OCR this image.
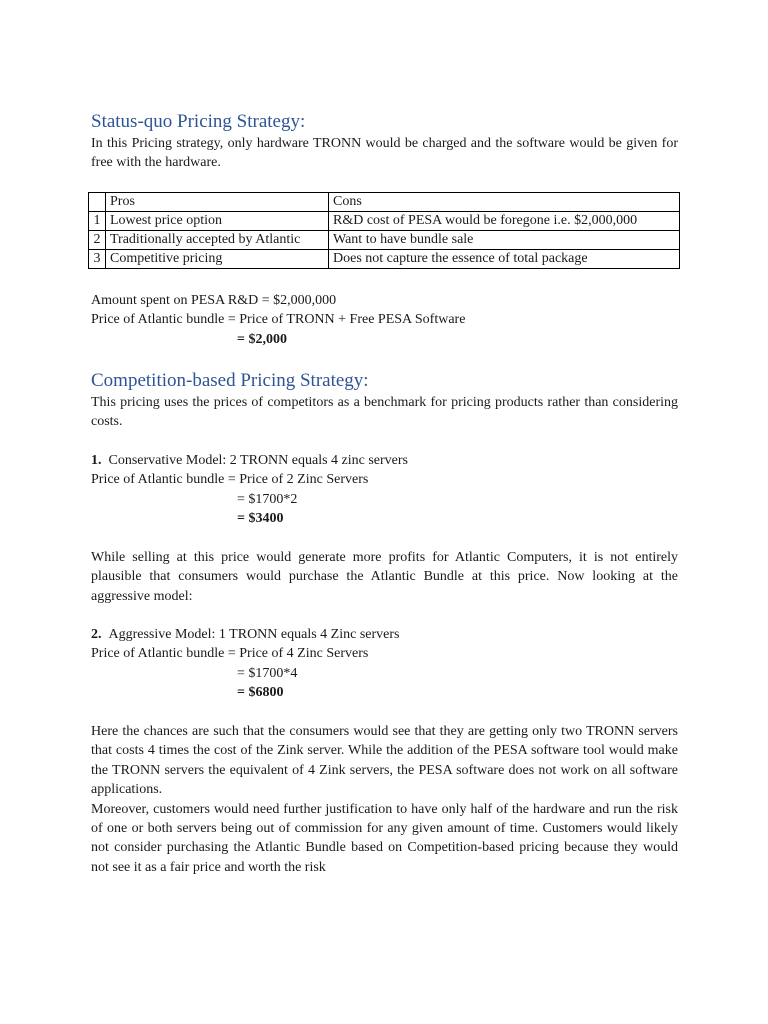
Status-quo Pricing Strategy:

In this Pricing strategy, only hardware TRONN would be charged and the software would be given for free with the hardware.

	Pros	Cons
1	Lowest price option	R&D cost of PESA would be foregone i.e. $2,000,000
2	Traditionally accepted by Atlantic	Want to have bundle sale
3	Competitive pricing	Does not capture the essence of total package

Amount spent on PESA R&D = $2,000,000

Price of Atlantic bundle = Price of TRONN + Free PESA Software

= $2,000

Competition-based Pricing Strategy:

This pricing uses the prices of competitors as a benchmark for pricing products rather than considering costs.

1. Conservative Model: 2 TRONN equals 4 zinc servers

Price of Atlantic bundle = Price of 2 Zinc Servers

= $1700*2

= $3400

While selling at this price would generate more profits for Atlantic Computers, it is not entirely plausible that consumers would purchase the Atlantic Bundle at this price. Now looking at the aggressive model:

2. Aggressive Model: 1 TRONN equals 4 Zinc servers

Price of Atlantic bundle = Price of 4 Zinc Servers

= $1700*4

= $6800

Here the chances are such that the consumers would see that they are getting only two TRONN servers that costs 4 times the cost of the Zink server. While the addition of the PESA software tool would make the TRONN servers the equivalent of 4 Zink servers, the PESA software does not work on all software applications.

Moreover, customers would need further justification to have only half of the hardware and run the risk of one or both servers being out of commission for any given amount of time. Customers would likely not consider purchasing the Atlantic Bundle based on Competition-based pricing because they would not see it as a fair price and worth the risk
